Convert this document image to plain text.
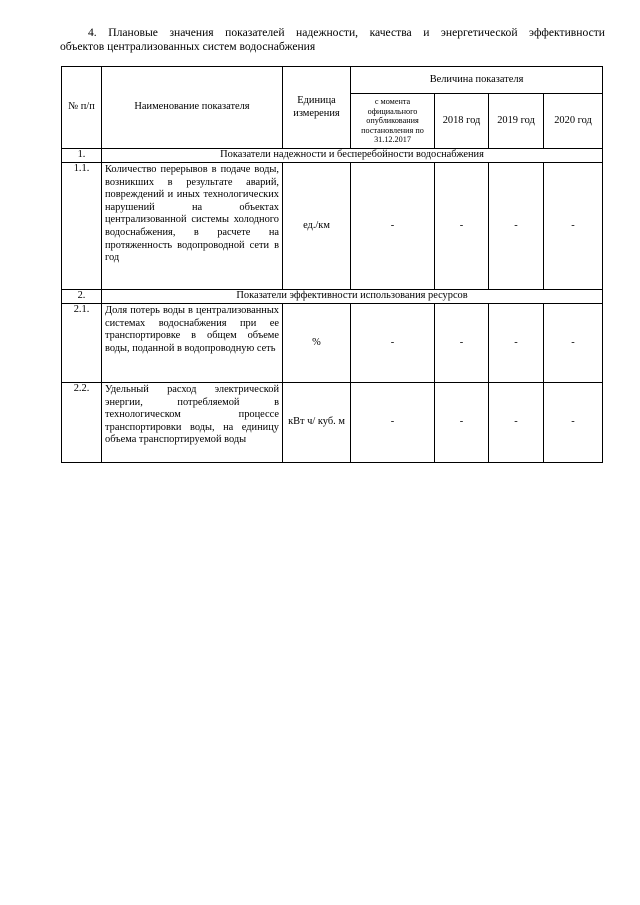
4. Плановые значения показателей надежности, качества и энергетической эффективности
объектов централизованных систем водоснабжения
№ п/п	Наименование показателя	Единица измерения	Величина показателя			
			с момента официального опубликования постановления по 31.12.2017	2018 год	2019 год	2020 год
1.	Показатели надежности и бесперебойности водоснабжения					
1.1.	Количество перерывов в подаче воды, возникших в результате аварий, повреждений и иных технологических нарушений на объектах централизованной системы холодного водоснабжения, в расчете на протяженность водопроводной сети в год	ед./км	-	-	-	-
2.	Показатели эффективности использования ресурсов					
2.1.	Доля потерь воды в централизованных системах водоснабжения при ее транспортировке в общем объеме воды, поданной в водопроводную сеть	%	-	-	-	-
2.2.	Удельный расход электрической энергии, потребляемой в технологическом процессе транспортировки воды, на единицу объема транспортируемой воды	кВт ч/ куб. м	-	-	-	-
